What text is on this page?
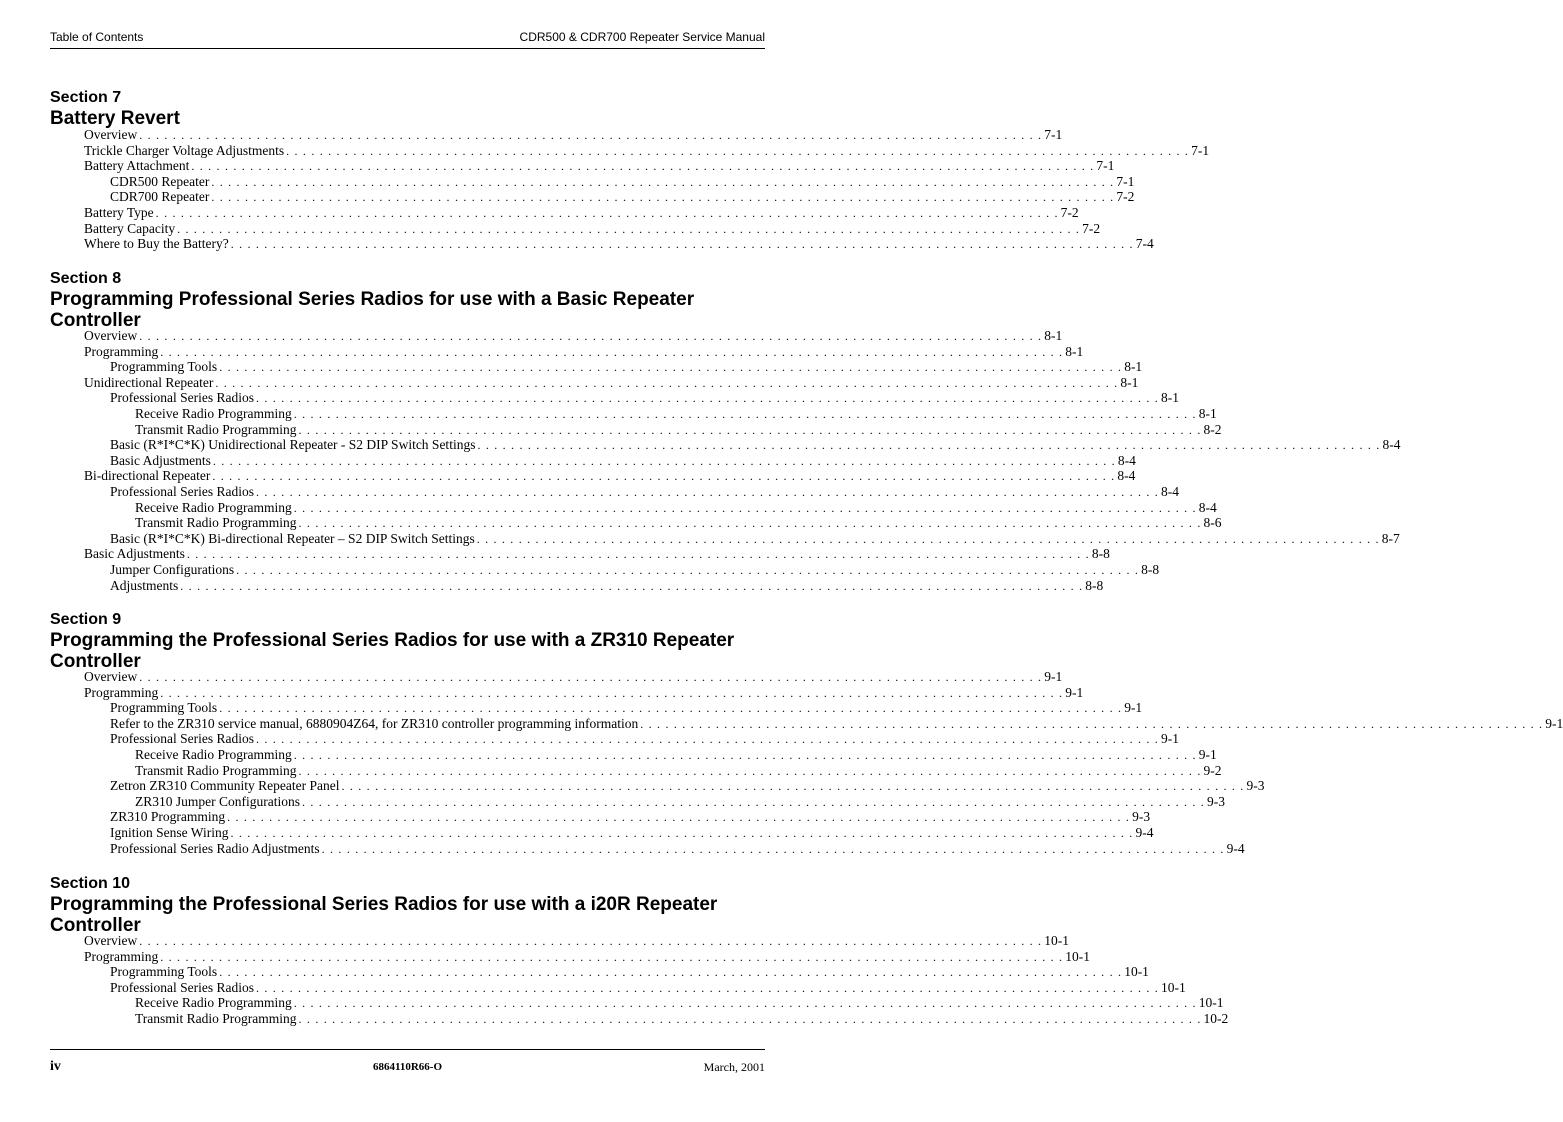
Table of Contents	CDR500 & CDR700 Repeater Service Manual
Section 7
Battery Revert
Overview . . . . . . . . . . . . . . . . . . . . . . . . . . . . . . . . . . . . . . . . . . . . . . . . . . . . . . . . . . . . . . . . . . . . . . . . . . . . . . . . . . . . . . . . . . . . . . . . . . . . . . . . . . . . 7-1
Trickle Charger Voltage Adjustments . . . . . . . . . . . . . . . . . . . . . . . . . . . . . . . . . . . . . . . . . . . . . . . . . . . . . . . . . . . . . . . . . . . . . . . . . . . . . . . . . . . . . . . . . . . . . . . . . . . . . . . . . . . . 7-1
Battery Attachment . . . . . . . . . . . . . . . . . . . . . . . . . . . . . . . . . . . . . . . . . . . . . . . . . . . . . . . . . . . . . . . . . . . . . . . . . . . . . . . . . . . . . . . . . . . . . . . . . . . . . . . . . . . . 7-1
CDR500 Repeater . . . . . . . . . . . . . . . . . . . . . . . . . . . . . . . . . . . . . . . . . . . . . . . . . . . . . . . . . . . . . . . . . . . . . . . . . . . . . . . . . . . . . . . . . . . . . . . . . . . . . . . . . . . . 7-1
CDR700 Repeater . . . . . . . . . . . . . . . . . . . . . . . . . . . . . . . . . . . . . . . . . . . . . . . . . . . . . . . . . . . . . . . . . . . . . . . . . . . . . . . . . . . . . . . . . . . . . . . . . . . . . . . . . . . . 7-2
Battery Type . . . . . . . . . . . . . . . . . . . . . . . . . . . . . . . . . . . . . . . . . . . . . . . . . . . . . . . . . . . . . . . . . . . . . . . . . . . . . . . . . . . . . . . . . . . . . . . . . . . . . . . . . . . . 7-2
Battery Capacity . . . . . . . . . . . . . . . . . . . . . . . . . . . . . . . . . . . . . . . . . . . . . . . . . . . . . . . . . . . . . . . . . . . . . . . . . . . . . . . . . . . . . . . . . . . . . . . . . . . . . . . . . . . . 7-2
Where to Buy the Battery? . . . . . . . . . . . . . . . . . . . . . . . . . . . . . . . . . . . . . . . . . . . . . . . . . . . . . . . . . . . . . . . . . . . . . . . . . . . . . . . . . . . . . . . . . . . . . . . . . . . . . . . . . . . . 7-4
Section 8
Programming Professional Series Radios for use with a Basic Repeater
Controller
Overview . . . . . . . . . . . . . . . . . . . . . . . . . . . . . . . . . . . . . . . . . . . . . . . . . . . . . . . . . . . . . . . . . . . . . . . . . . . . . . . . . . . . . . . . . . . . . . . . . . . . . . . . . . . . 8-1
Programming . . . . . . . . . . . . . . . . . . . . . . . . . . . . . . . . . . . . . . . . . . . . . . . . . . . . . . . . . . . . . . . . . . . . . . . . . . . . . . . . . . . . . . . . . . . . . . . . . . . . . . . . . . . . 8-1
Programming Tools . . . . . . . . . . . . . . . . . . . . . . . . . . . . . . . . . . . . . . . . . . . . . . . . . . . . . . . . . . . . . . . . . . . . . . . . . . . . . . . . . . . . . . . . . . . . . . . . . . . . . . . . . . . . 8-1
Unidirectional Repeater . . . . . . . . . . . . . . . . . . . . . . . . . . . . . . . . . . . . . . . . . . . . . . . . . . . . . . . . . . . . . . . . . . . . . . . . . . . . . . . . . . . . . . . . . . . . . . . . . . . . . . . . . . . . 8-1
Professional Series Radios . . . . . . . . . . . . . . . . . . . . . . . . . . . . . . . . . . . . . . . . . . . . . . . . . . . . . . . . . . . . . . . . . . . . . . . . . . . . . . . . . . . . . . . . . . . . . . . . . . . . . . . . . . . . 8-1
Receive Radio Programming . . . . . . . . . . . . . . . . . . . . . . . . . . . . . . . . . . . . . . . . . . . . . . . . . . . . . . . . . . . . . . . . . . . . . . . . . . . . . . . . . . . . . . . . . . . . . . . . . . . . . . . . . . . . 8-1
Transmit Radio Programming . . . . . . . . . . . . . . . . . . . . . . . . . . . . . . . . . . . . . . . . . . . . . . . . . . . . . . . . . . . . . . . . . . . . . . . . . . . . . . . . . . . . . . . . . . . . . . . . . . . . . . . . . . . . 8-2
Basic (R*I*C*K) Unidirectional Repeater - S2 DIP Switch Settings . . . . . . . . . . . . . . . . . . . . . . . . . . . . . . . . . . . . . . . . . . . . . . . . . . . . . . . . . . . . . . . . . . . . . . . . . . . . . . . . . . . . . . . . . . . . . . . . . . . . . . . . . . . . 8-4
Basic Adjustments . . . . . . . . . . . . . . . . . . . . . . . . . . . . . . . . . . . . . . . . . . . . . . . . . . . . . . . . . . . . . . . . . . . . . . . . . . . . . . . . . . . . . . . . . . . . . . . . . . . . . . . . . . . . 8-4
Bi-directional Repeater . . . . . . . . . . . . . . . . . . . . . . . . . . . . . . . . . . . . . . . . . . . . . . . . . . . . . . . . . . . . . . . . . . . . . . . . . . . . . . . . . . . . . . . . . . . . . . . . . . . . . . . . . . . . 8-4
Professional Series Radios . . . . . . . . . . . . . . . . . . . . . . . . . . . . . . . . . . . . . . . . . . . . . . . . . . . . . . . . . . . . . . . . . . . . . . . . . . . . . . . . . . . . . . . . . . . . . . . . . . . . . . . . . . . . 8-4
Receive Radio Programming . . . . . . . . . . . . . . . . . . . . . . . . . . . . . . . . . . . . . . . . . . . . . . . . . . . . . . . . . . . . . . . . . . . . . . . . . . . . . . . . . . . . . . . . . . . . . . . . . . . . . . . . . . . . 8-4
Transmit Radio Programming . . . . . . . . . . . . . . . . . . . . . . . . . . . . . . . . . . . . . . . . . . . . . . . . . . . . . . . . . . . . . . . . . . . . . . . . . . . . . . . . . . . . . . . . . . . . . . . . . . . . . . . . . . . . 8-6
Basic (R*I*C*K) Bi-directional Repeater – S2 DIP Switch Settings . . . . . . . . . . . . . . . . . . . . . . . . . . . . . . . . . . . . . . . . . . . . . . . . . . . . . . . . . . . . . . . . . . . . . . . . . . . . . . . . . . . . . . . . . . . . . . . . . . . . . . . . . . . . 8-7
Basic Adjustments . . . . . . . . . . . . . . . . . . . . . . . . . . . . . . . . . . . . . . . . . . . . . . . . . . . . . . . . . . . . . . . . . . . . . . . . . . . . . . . . . . . . . . . . . . . . . . . . . . . . . . . . . . . . 8-8
Jumper Configurations . . . . . . . . . . . . . . . . . . . . . . . . . . . . . . . . . . . . . . . . . . . . . . . . . . . . . . . . . . . . . . . . . . . . . . . . . . . . . . . . . . . . . . . . . . . . . . . . . . . . . . . . . . . . 8-8
Adjustments . . . . . . . . . . . . . . . . . . . . . . . . . . . . . . . . . . . . . . . . . . . . . . . . . . . . . . . . . . . . . . . . . . . . . . . . . . . . . . . . . . . . . . . . . . . . . . . . . . . . . . . . . . . . 8-8
Section 9
Programming the Professional Series Radios for use with a ZR310 Repeater
Controller
Overview . . . . . . . . . . . . . . . . . . . . . . . . . . . . . . . . . . . . . . . . . . . . . . . . . . . . . . . . . . . . . . . . . . . . . . . . . . . . . . . . . . . . . . . . . . . . . . . . . . . . . . . . . . . . 9-1
Programming . . . . . . . . . . . . . . . . . . . . . . . . . . . . . . . . . . . . . . . . . . . . . . . . . . . . . . . . . . . . . . . . . . . . . . . . . . . . . . . . . . . . . . . . . . . . . . . . . . . . . . . . . . . . 9-1
Programming Tools . . . . . . . . . . . . . . . . . . . . . . . . . . . . . . . . . . . . . . . . . . . . . . . . . . . . . . . . . . . . . . . . . . . . . . . . . . . . . . . . . . . . . . . . . . . . . . . . . . . . . . . . . . . . 9-1
Refer to the ZR310 service manual, 6880904Z64, for ZR310 controller programming information . . . . . . . . . . . . . . . . . . . . . . . . . . . . . . . . . . . . . . . . . . . . . . . . . . . . . . . . . . . . . . . . . . . . . . . . . . . . . . . . . . . . . . . . . . . . . . . . . . . . . . . . . . . . 9-1
Professional Series Radios . . . . . . . . . . . . . . . . . . . . . . . . . . . . . . . . . . . . . . . . . . . . . . . . . . . . . . . . . . . . . . . . . . . . . . . . . . . . . . . . . . . . . . . . . . . . . . . . . . . . . . . . . . . . 9-1
Receive Radio Programming . . . . . . . . . . . . . . . . . . . . . . . . . . . . . . . . . . . . . . . . . . . . . . . . . . . . . . . . . . . . . . . . . . . . . . . . . . . . . . . . . . . . . . . . . . . . . . . . . . . . . . . . . . . . 9-1
Transmit Radio Programming . . . . . . . . . . . . . . . . . . . . . . . . . . . . . . . . . . . . . . . . . . . . . . . . . . . . . . . . . . . . . . . . . . . . . . . . . . . . . . . . . . . . . . . . . . . . . . . . . . . . . . . . . . . . 9-2
Zetron ZR310 Community Repeater Panel . . . . . . . . . . . . . . . . . . . . . . . . . . . . . . . . . . . . . . . . . . . . . . . . . . . . . . . . . . . . . . . . . . . . . . . . . . . . . . . . . . . . . . . . . . . . . . . . . . . . . . . . . . . . 9-3
ZR310 Jumper Configurations . . . . . . . . . . . . . . . . . . . . . . . . . . . . . . . . . . . . . . . . . . . . . . . . . . . . . . . . . . . . . . . . . . . . . . . . . . . . . . . . . . . . . . . . . . . . . . . . . . . . . . . . . . . . 9-3
ZR310 Programming . . . . . . . . . . . . . . . . . . . . . . . . . . . . . . . . . . . . . . . . . . . . . . . . . . . . . . . . . . . . . . . . . . . . . . . . . . . . . . . . . . . . . . . . . . . . . . . . . . . . . . . . . . . . 9-3
Ignition Sense Wiring . . . . . . . . . . . . . . . . . . . . . . . . . . . . . . . . . . . . . . . . . . . . . . . . . . . . . . . . . . . . . . . . . . . . . . . . . . . . . . . . . . . . . . . . . . . . . . . . . . . . . . . . . . . . 9-4
Professional Series Radio Adjustments . . . . . . . . . . . . . . . . . . . . . . . . . . . . . . . . . . . . . . . . . . . . . . . . . . . . . . . . . . . . . . . . . . . . . . . . . . . . . . . . . . . . . . . . . . . . . . . . . . . . . . . . . . . . 9-4
Section 10
Programming the Professional Series Radios for use with a i20R Repeater
Controller
Overview . . . . . . . . . . . . . . . . . . . . . . . . . . . . . . . . . . . . . . . . . . . . . . . . . . . . . . . . . . . . . . . . . . . . . . . . . . . . . . . . . . . . . . . . . . . . . . . . . . . . . . . . . . . . 10-1
Programming . . . . . . . . . . . . . . . . . . . . . . . . . . . . . . . . . . . . . . . . . . . . . . . . . . . . . . . . . . . . . . . . . . . . . . . . . . . . . . . . . . . . . . . . . . . . . . . . . . . . . . . . . . . . 10-1
Programming Tools . . . . . . . . . . . . . . . . . . . . . . . . . . . . . . . . . . . . . . . . . . . . . . . . . . . . . . . . . . . . . . . . . . . . . . . . . . . . . . . . . . . . . . . . . . . . . . . . . . . . . . . . . . . . 10-1
Professional Series Radios . . . . . . . . . . . . . . . . . . . . . . . . . . . . . . . . . . . . . . . . . . . . . . . . . . . . . . . . . . . . . . . . . . . . . . . . . . . . . . . . . . . . . . . . . . . . . . . . . . . . . . . . . . . . 10-1
Receive Radio Programming . . . . . . . . . . . . . . . . . . . . . . . . . . . . . . . . . . . . . . . . . . . . . . . . . . . . . . . . . . . . . . . . . . . . . . . . . . . . . . . . . . . . . . . . . . . . . . . . . . . . . . . . . . . . 10-1
Transmit Radio Programming . . . . . . . . . . . . . . . . . . . . . . . . . . . . . . . . . . . . . . . . . . . . . . . . . . . . . . . . . . . . . . . . . . . . . . . . . . . . . . . . . . . . . . . . . . . . . . . . . . . . . . . . . . . . 10-2
iv	6864110R66-O	March, 2001
